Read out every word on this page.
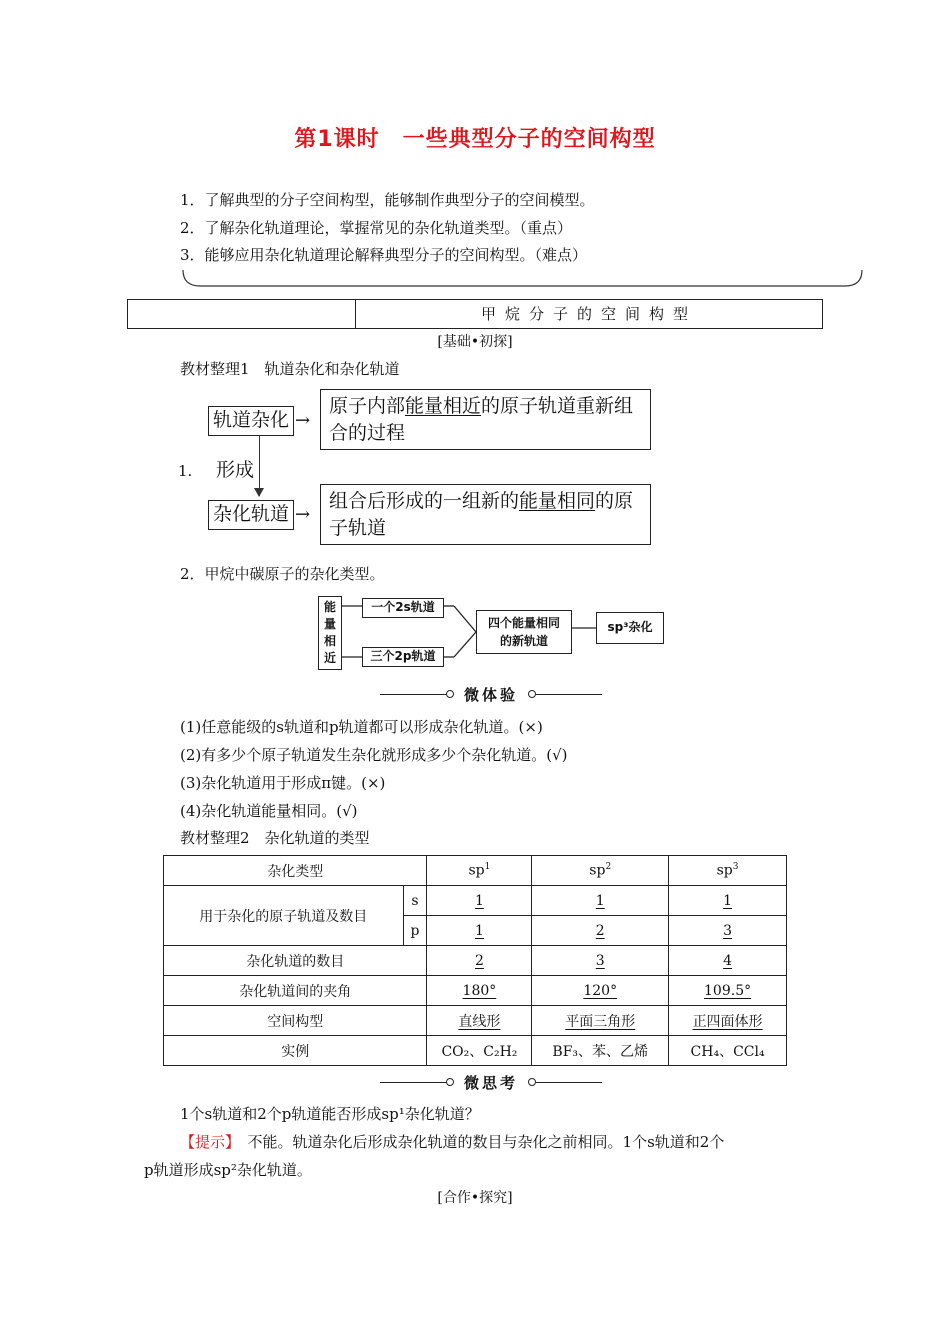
第1课时　一些典型分子的空间构型
1．了解典型的分子空间构型，能够制作典型分子的空间模型。
2．了解杂化轨道理论，掌握常见的杂化轨道类型。（重点）
3．能够应用杂化轨道理论解释典型分子的空间构型。（难点）
甲烷分子的空间构型
[基础•初探]
教材整理1　轨道杂化和杂化轨道
1.
轨道杂化 →
原子内部能量相近的原子轨道重新组合的过程
形成
杂化轨道 →
组合后形成的一组新的能量相同的原子轨道
2．甲烷中碳原子的杂化类型。
能
量
相
近
一个2s轨道
三个2p轨道
四个能量相同
的新轨道
sp³杂化
微体验
(1)任意能级的s轨道和p轨道都可以形成杂化轨道。(×)
(2)有多少个原子轨道发生杂化就形成多少个杂化轨道。(√)
(3)杂化轨道用于形成π键。(×)
(4)杂化轨道能量相同。(√)
教材整理2　杂化轨道的类型
杂化类型		$sp^1$	$sp^2$	$sp^3$
用于杂化的原子轨道及数目	s	1	1	1
	p	1	2	3
杂化轨道的数目		2	3	4
杂化轨道间的夹角		180°	120°	109.5°
空间构型		直线形	平面三角形	正四面体形
实例		CO₂、C₂H₂	BF₃、苯、乙烯	CH₄、CCl₄
微思考
1个s轨道和2个p轨道能否形成sp¹杂化轨道？
【提示】　 不能。轨道杂化后形成杂化轨道的数目与杂化之前相同。1个s轨道和2个
p轨道形成sp²杂化轨道。
[合作•探究]
